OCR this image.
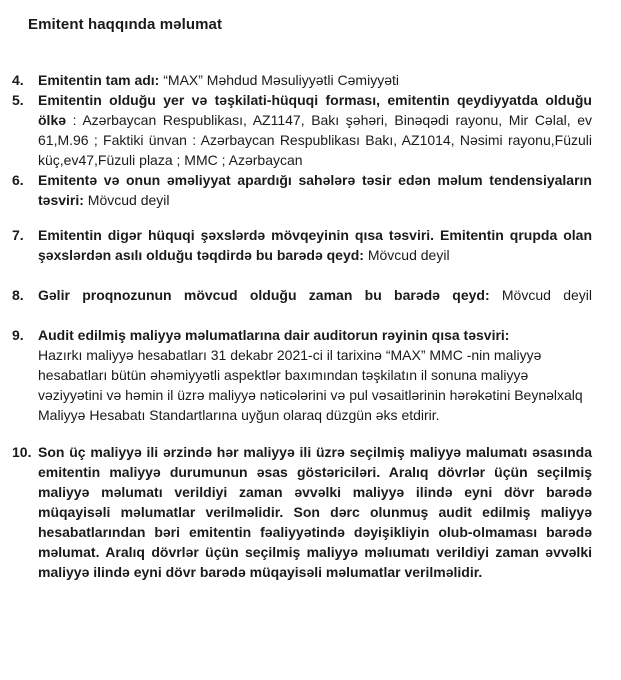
Emitent haqqında məlumat
4. Emitentin tam adı: “MAX” Məhdud Məsuliyyətli Cəmiyyəti
5. Emitentin olduğu yer və təşkilati-hüquqi forması, emitentin qeydiyyatda olduğu ölkə : Azərbaycan Respublikası, AZ1147, Bakı şəhəri, Binəqədi rayonu, Mir Cəlal, ev 61,M.96 ; Faktiki ünvan : Azərbaycan Respublikası Bakı, AZ1014, Nəsimi rayonu,Füzuli küç,ev47,Füzuli plaza ; MMC ; Azərbaycan
6. Emitentə və onun əməliyyat apardığı sahələrə təsir edən məlum tendensiyaların təsviri: Mövcud deyil
7. Emitentin digər hüquqi şəxslərdə mövqeyinin qısa təsviri. Emitentin qrupda olan şəxslərdən asılı olduğu təqdirdə bu barədə qeyd: Mövcud deyil
8. Gəlir proqnozunun mövcud olduğu zaman bu barədə qeyd: Mövcud deyil
9. Audit edilmiş maliyyə məlumatlarına dair auditorun rəyinin qısa təsviri:
Hazırkı maliyyə hesabatları 31 dekabr 2021-ci il tarixinə “MAX” MMC -nin maliyyə hesabatları bütün əhəmiyyətli aspektlər baxımından təşkilatın il sonuna maliyyə vəziyyətini və həmin il üzrə maliyyə nəticələrini və pul vəsaitlərinin hərəkətini Beynəlxalq Maliyyə Hesabatı Standartlarına uyğun olaraq düzgün əks etdirir.
10. Son üç maliyyə ili ərzində hər maliyyə ili üzrə seçilmiş maliyyə malumatı əsasında emitentin maliyyə durumunun əsas göstəriciləri. Aralıq dövrlər üçün seçilmiş maliyyə məlumatı verildiyi zaman əvvəlki maliyyə ilində eyni dövr barədə müqayisəli məlumatlar verilməlidir. Son dərc olunmuş audit edilmiş maliyyə hesabatlarından bəri emitentin fəaliyyətində dəyişikliyin olub-olmaması barədə məlumat. Aralıq dövrlər üçün seçilmiş maliyyə məlıumatı verildiyi zaman əvvəlki maliyyə ilində eyni dövr barədə müqayisəli məlumatlar verilməlidir.
